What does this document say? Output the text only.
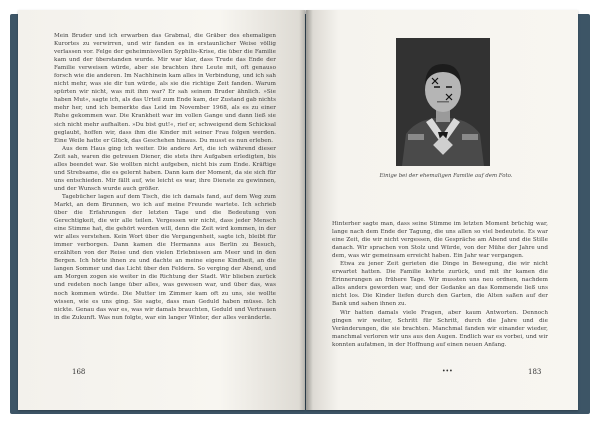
Mein Bruder und ich erwarben das Grabmal, die Gräber des ehemaligen Kurortes zu verwirren, und wir fanden es in erstaunlicher Weise völlig verlassen vor. Felge der geheimnisvollen Syphilis-Krise, die über die Familie kam und der überstanden wurde. Mir war klar, dass Trude das Ende der Familie verweisen würde, aber sie brachten ihre Leute mit, oft genauso forsch wie die anderen. Im Nachhinein kam alles in Verbindung, und ich sah nicht mehr, was sie dir tun würde, als sie die richtige Zeit fanden. Warum spürten wir nicht, was mit ihm war? Er sah seinem Bruder ähnlich. »Sie haben Mut«, sagte ich, als das Urteil zum Ende kam, der Zustand gab nichts mehr her, und ich bemerkte das Leid im November 1968, als es zu einer Ruhe gekommen war. Die Krankheit war im vollen Gange und dann ließ sie sich nicht mehr aufhalten. »Du bist gut!«, rief er, schweigend dem Schicksal geglaubt, hoffen wir, dass ihm die Kinder mit seiner Frau folgen werden. Eine Weile hatte er Glück, das Geschehen hinaus. Du musst es nun erleben.

Aus dem Haus ging ich weiter. Die andere Art, die ich während dieser Zeit sah, waren die getreuen Diener, die stets ihre Aufgaben erledigten, bis alles beendet war. Sie wollten nicht aufgeben, nicht bis zum Ende. Kräftige und Strebsame, die es gelernt haben. Dann kam der Moment, da sie sich für uns entschieden. Mir fällt auf, wie leicht es war, ihre Dienste zu gewinnen, und der Wunsch wurde auch größer.

Tagebücher lagen auf dem Tisch, die ich damals fand, auf dem Weg zum Markt, an dem Brunnen, wo ich auf meine Freunde wartete. Ich schrieb über die Erfahrungen der letzten Tage und die Bedeutung von Gerechtigkeit, die wir alle teilen. Vergessen wir nicht, dass jeder Mensch eine Stimme hat, die gehört werden will, denn die Zeit wird kommen, in der wir alles verstehen. Kein Wort über die Vergangenheit, sagte ich, bleibt für immer verborgen. Dann kamen die Hermanns aus Berlin zu Besuch, erzählten von der Reise und den vielen Erlebnissen am Meer und in den Bergen. Ich hörte ihnen zu und dachte an meine eigene Kindheit, an die langen Sommer und das Licht über den Feldern. So verging der Abend, und am Morgen zogen sie weiter in die Richtung der Stadt. Wir blieben zurück und redeten noch lange über alles, was gewesen war, und über das, was noch kommen würde. Die Mutter im Zimmer kam oft zu uns, sie wollte wissen, wie es uns ging. Sie sagte, dass man Geduld haben müsse. Ich nickte. Genau das war es, was wir damals brauchten, Geduld und Vertrauen in die Zukunft. Was nun folgte, war ein langer Winter, der alles veränderte.

168
Einige bei der ehemaligen Familie auf dem Foto.

Hinterher sagte man, dass seine Stimme im letzten Moment brüchig war, lange nach dem Ende der Tagung, die uns allen so viel bedeutete. Es war eine Zeit, die wir nicht vergessen, die Gespräche am Abend und die Stille danach. Wir sprachen von Stolz und Würde, von der Mühe der Jahre und dem, was wir gemeinsam erreicht haben. Ein Jahr war vergangen.

Etwa zu jener Zeit gerieten die Dinge in Bewegung, die wir nicht erwartet hatten. Die Familie kehrte zurück, und mit ihr kamen die Erinnerungen an frühere Tage. Wir mussten uns neu ordnen, nachdem alles anders geworden war, und der Gedanke an das Kommende ließ uns nicht los. Die Kinder liefen durch den Garten, die Alten saßen auf der Bank und sahen ihnen zu.

Wir hatten damals viele Fragen, aber kaum Antworten. Dennoch gingen wir weiter, Schritt für Schritt, durch die Jahre und die Veränderungen, die sie brachten. Manchmal fanden wir einander wieder, manchmal verloren wir uns aus den Augen. Endlich war es vorbei, und wir konnten aufatmen, in der Hoffnung auf einen neuen Anfang.

•••	183
